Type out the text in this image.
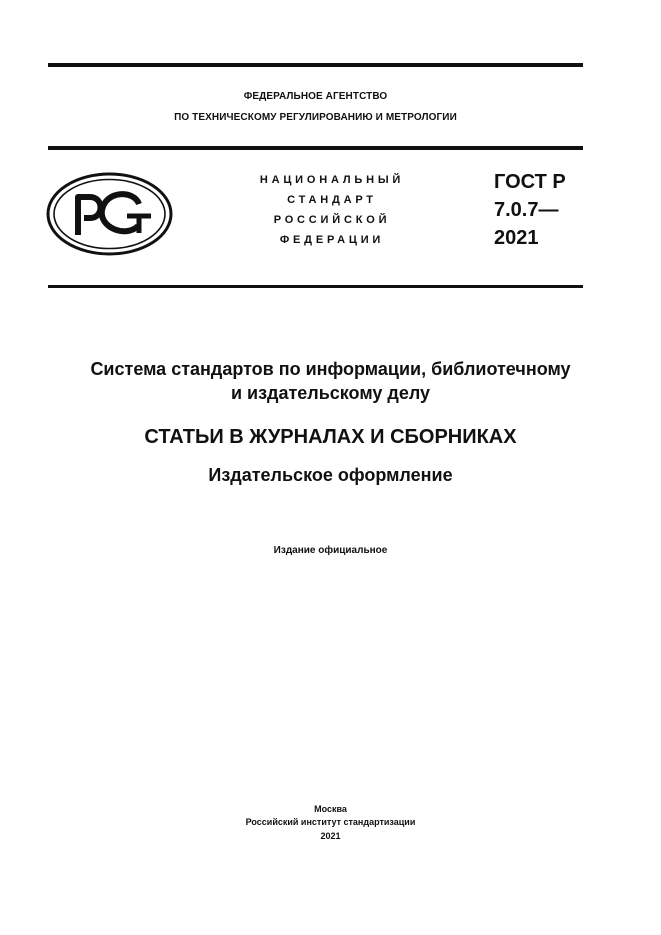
ФЕДЕРАЛЬНОЕ АГЕНТСТВО
ПО ТЕХНИЧЕСКОМУ РЕГУЛИРОВАНИЮ И МЕТРОЛОГИИ
НАЦИОНАЛЬНЫЙ
СТАНДАРТ
РОССИЙСКОЙ
ФЕДЕРАЦИИ
ГОСТ Р
7.0.7—
2021
Система стандартов по информации, библиотечному
и издательскому делу
СТАТЬИ В ЖУРНАЛАХ И СБОРНИКАХ
Издательское оформление
Издание официальное
Москва
Российский институт стандартизации
2021
